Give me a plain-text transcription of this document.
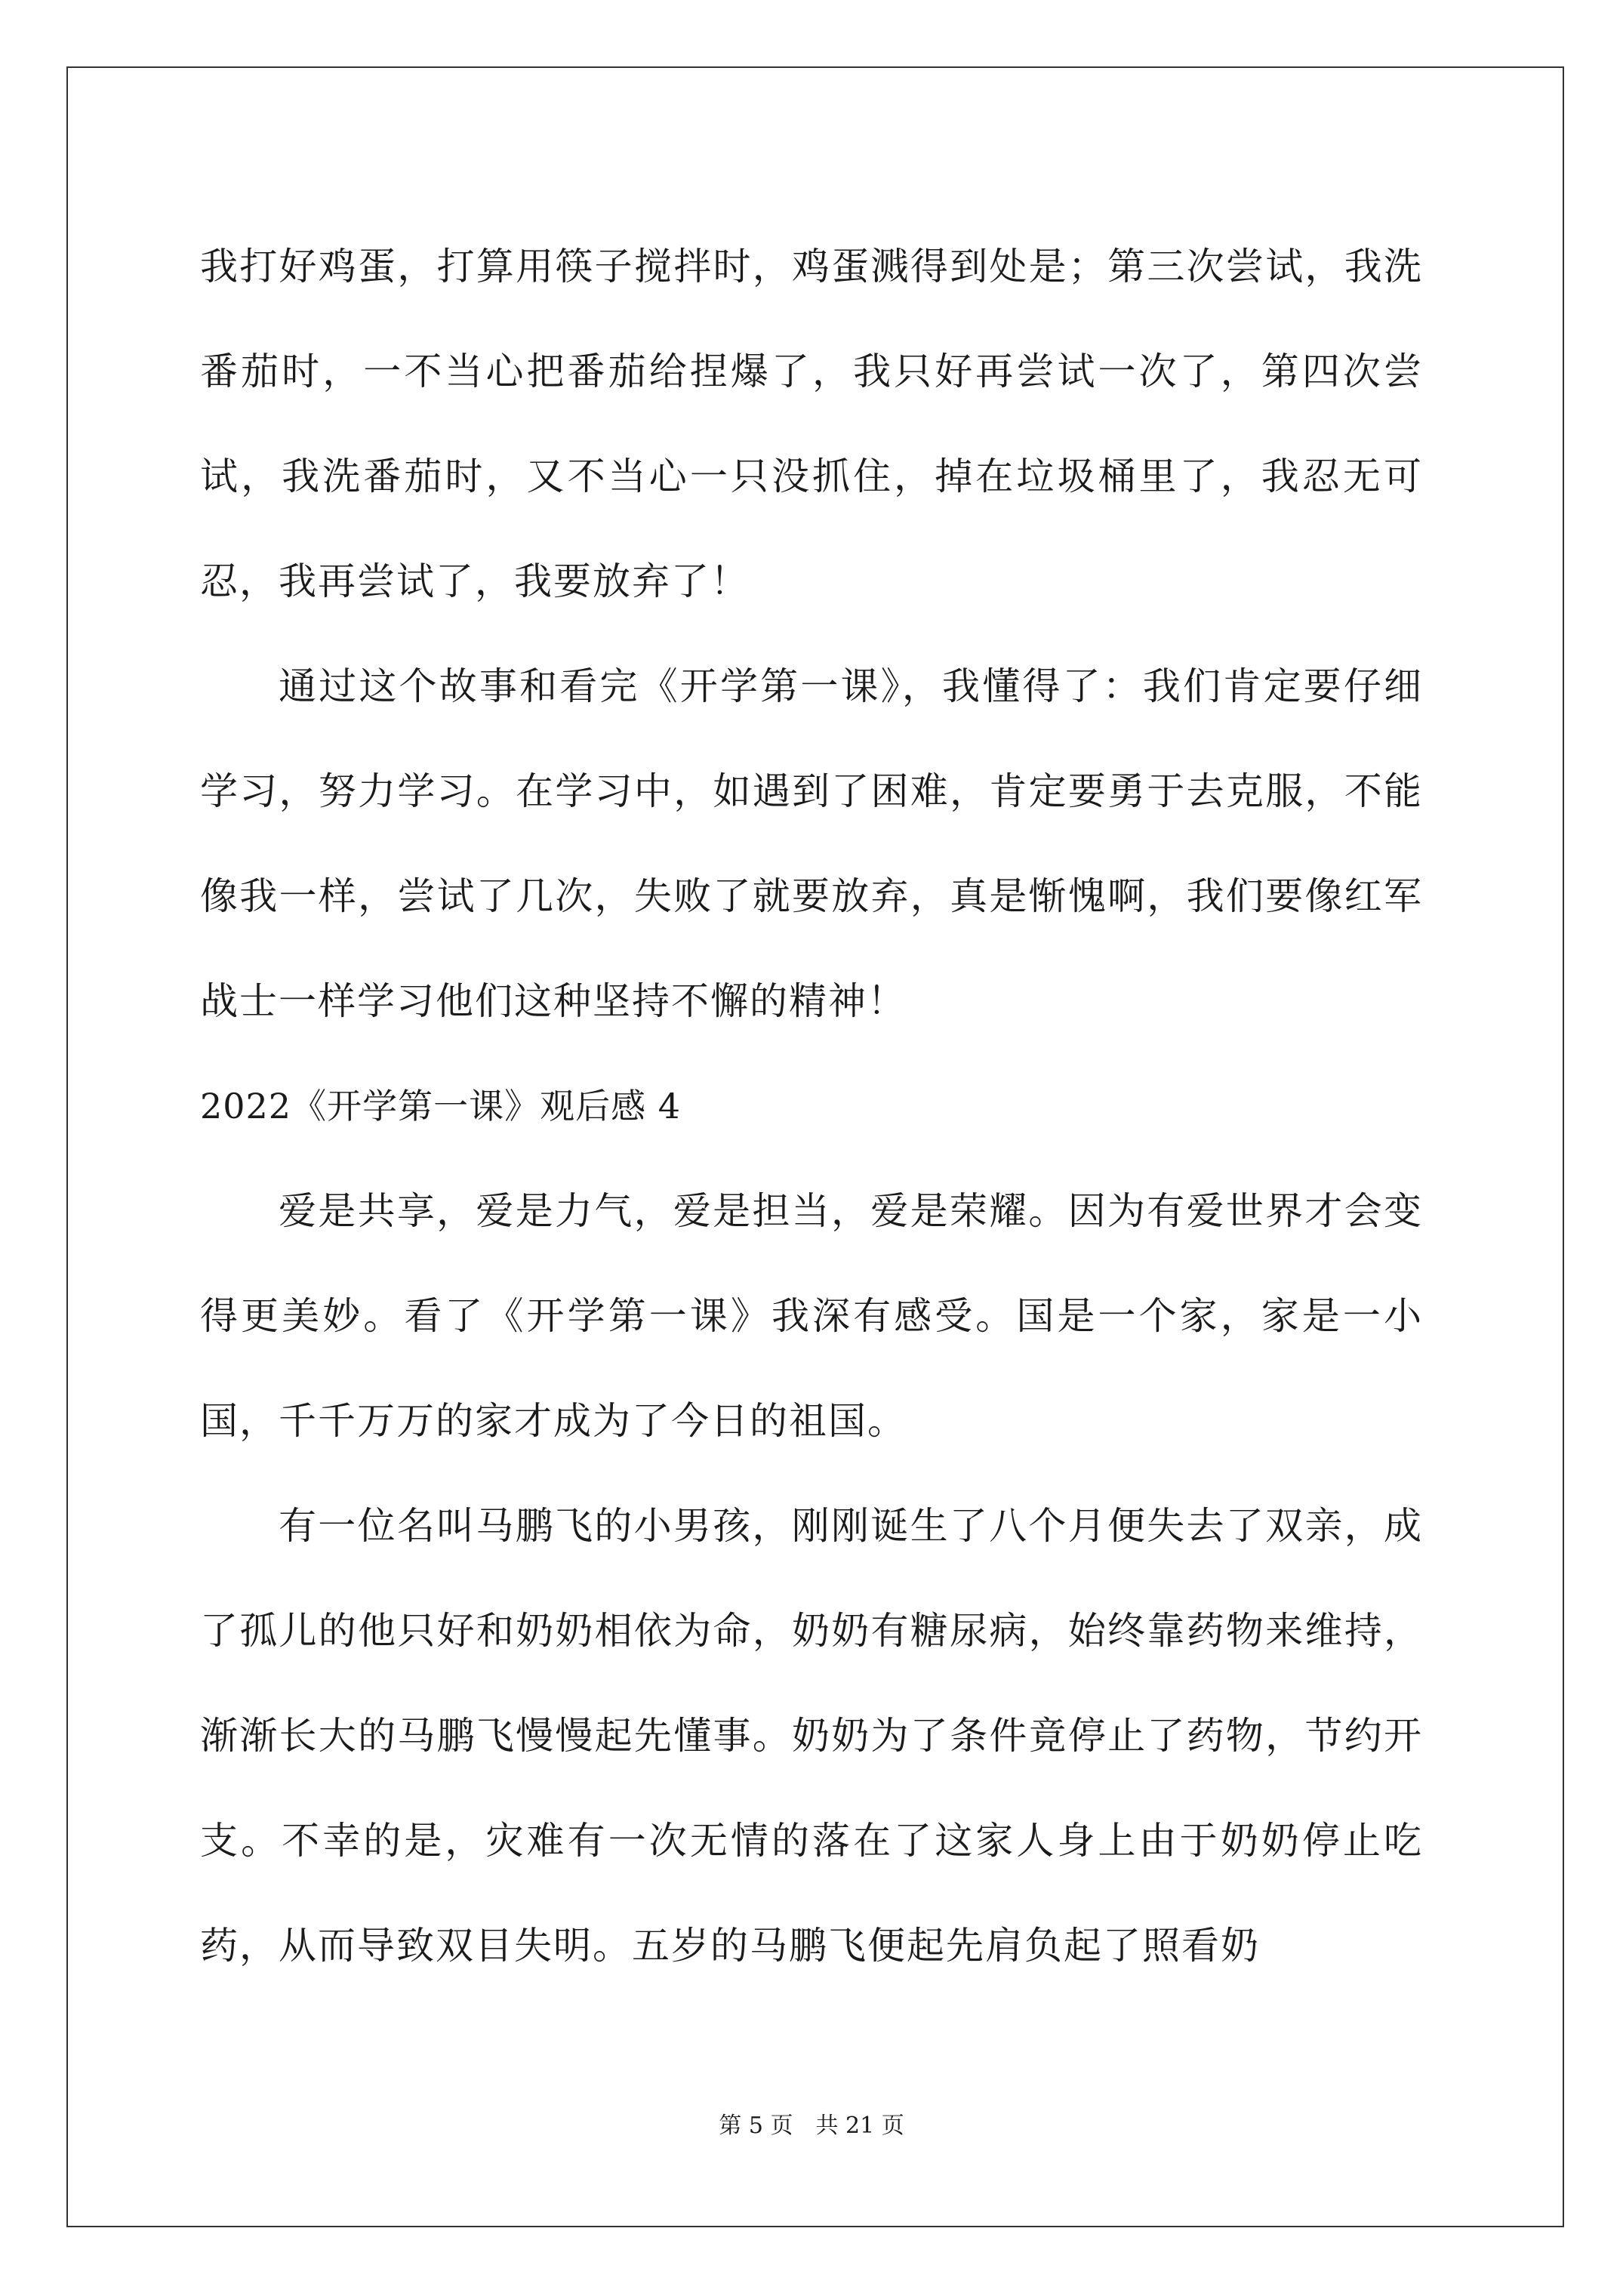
我打好鸡蛋，打算用筷子搅拌时，鸡蛋溅得到处是；第三次尝试，我洗番茄时，一不当心把番茄给捏爆了，我只好再尝试一次了，第四次尝试，我洗番茄时，又不当心一只没抓住，掉在垃圾桶里了，我忍无可忍，我再尝试了，我要放弃了！

通过这个故事和看完《开学第一课》，我懂得了：我们肯定要仔细学习，努力学习。在学习中，如遇到了困难，肯定要勇于去克服，不能像我一样，尝试了几次，失败了就要放弃，真是惭愧啊，我们要像红军战士一样学习他们这种坚持不懈的精神！

2022《开学第一课》观后感 4

爱是共享，爱是力气，爱是担当，爱是荣耀。因为有爱世界才会变得更美妙。看了《开学第一课》我深有感受。国是一个家，家是一小国，千千万万的家才成为了今日的祖国。

有一位名叫马鹏飞的小男孩，刚刚诞生了八个月便失去了双亲，成了孤儿的他只好和奶奶相依为命，奶奶有糖尿病，始终靠药物来维持，渐渐长大的马鹏飞慢慢起先懂事。奶奶为了条件竟停止了药物，节约开支。不幸的是，灾难有一次无情的落在了这家人身上由于奶奶停止吃药，从而导致双目失明。五岁的马鹏飞便起先肩负起了照看奶

第 5 页　共 21 页
